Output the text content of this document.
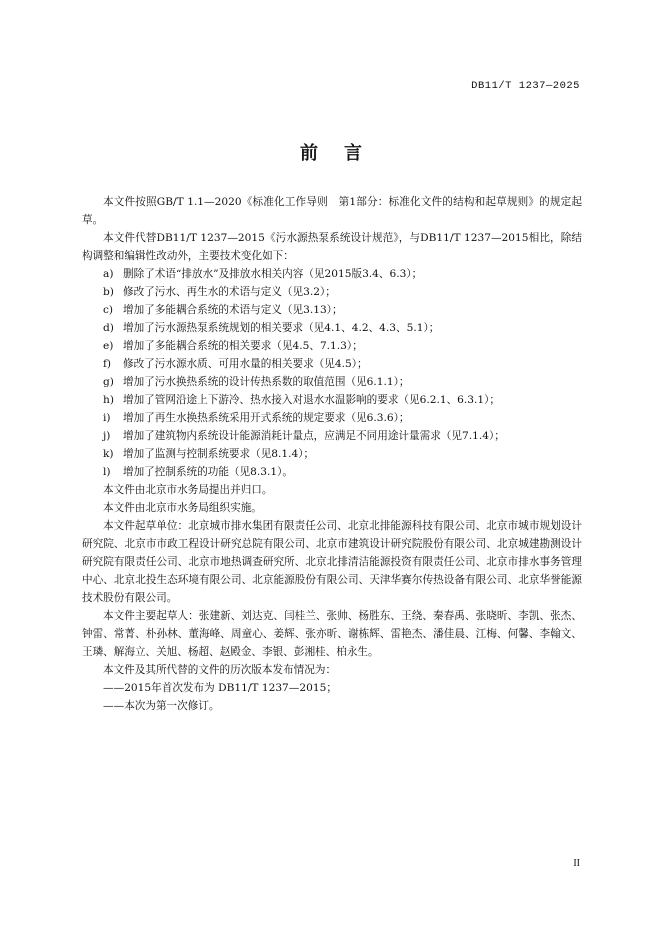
DB11/T 1237—2025
前言

本文件按照GB/T 1.1—2020《标准化工作导则　第1部分：标准化文件的结构和起草规则》的规定起草。

本文件代替DB11/T 1237—2015《污水源热泵系统设计规范》，与DB11/T 1237—2015相比，除结构调整和编辑性改动外，主要技术变化如下：

a) 删除了术语“排放水”及排放水相关内容（见2015版3.4、6.3）；
b) 修改了污水、再生水的术语与定义（见3.2）；
c) 增加了多能耦合系统的术语与定义（见3.13）；
d) 增加了污水源热泵系统规划的相关要求（见4.1、4.2、4.3、5.1）；
e) 增加了多能耦合系统的相关要求（见4.5、7.1.3）；
f)	修改了污水源水质、可用水量的相关要求（见4.5）；
g) 增加了污水换热系统的设计传热系数的取值范围（见6.1.1）；
h) 增加了管网沿途上下游冷、热水接入对退水水温影响的要求（见6.2.1、6.3.1）；
i)	增加了再生水换热系统采用开式系统的规定要求（见6.3.6）；
j)	增加了建筑物内系统设计能源消耗计量点，应满足不同用途计量需求（见7.1.4）；
k) 增加了监测与控制系统要求（见8.1.4）；
l)	增加了控制系统的功能（见8.3.1）。

本文件由北京市水务局提出并归口。

本文件由北京市水务局组织实施。

本文件起草单位：北京城市排水集团有限责任公司、北京北排能源科技有限公司、北京市城市规划设计研究院、北京市市政工程设计研究总院有限公司、北京市建筑设计研究院股份有限公司、北京城建勘测设计研究院有限责任公司、北京市地热调查研究所、北京北排清洁能源投资有限责任公司、北京市排水事务管理中心、北京北投生态环境有限公司、北京能源股份有限公司、天津华赛尔传热设备有限公司、北京华誉能源技术股份有限公司。

本文件主要起草人：张建新、刘达克、闫桂兰、张帅、杨胜东、王绕、秦春禹、张晓昕、李凯、张杰、钟雷、常菁、朴孙林、董海峰、周童心、姜辉、张亦昕、谢栋辉、雷艳杰、潘佳晨、江梅、何馨、李翰文、王璘、解海立、关旭、杨超、赵殿金、李银、彭湘桂、柏永生。

本文件及其所代替的文件的历次版本发布情况为：

——2015年首次发布为 DB11/T 1237—2015；

——本次为第一次修订。

II
